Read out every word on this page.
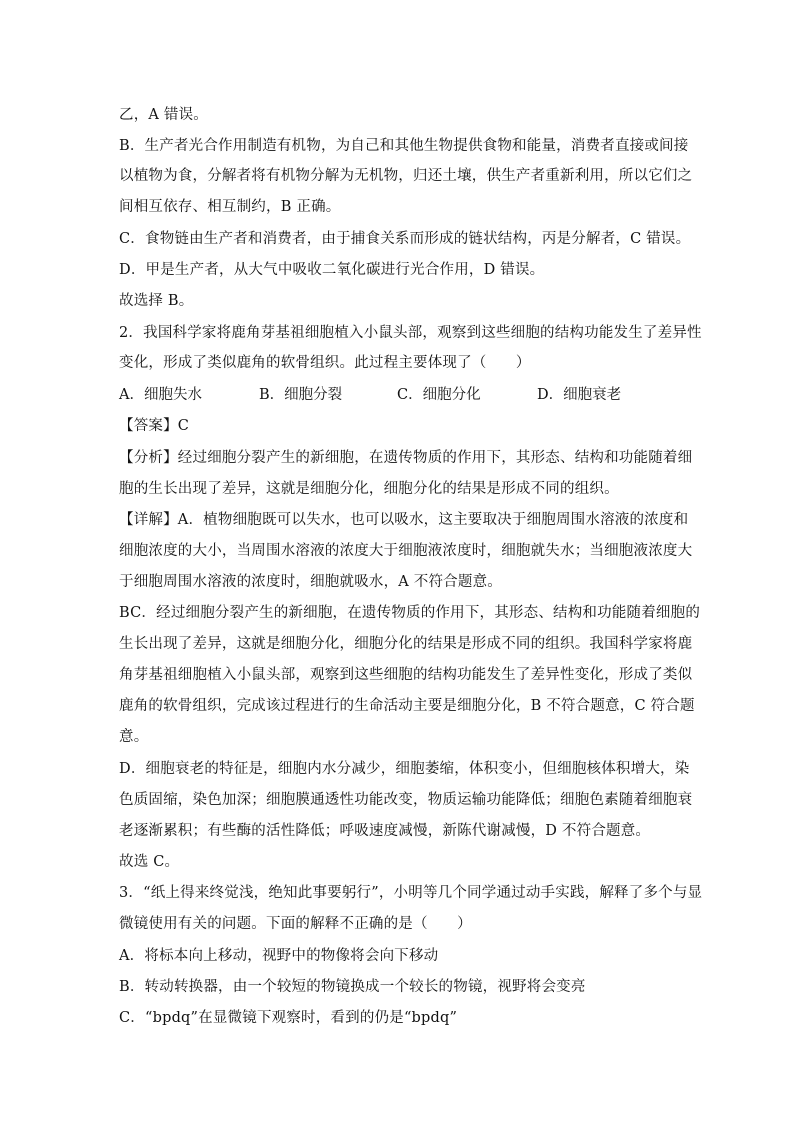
乙，A 错误。
B．生产者光合作用制造有机物，为自己和其他生物提供食物和能量，消费者直接或间接
以植物为食，分解者将有机物分解为无机物，归还土壤，供生产者重新利用，所以它们之
间相互依存、相互制约，B 正确。
C．食物链由生产者和消费者，由于捕食关系而形成的链状结构，丙是分解者，C 错误。
D．甲是生产者，从大气中吸收二氧化碳进行光合作用，D 错误。
故选择 B。
2．我国科学家将鹿角芽基祖细胞植入小鼠头部，观察到这些细胞的结构功能发生了差异性
变化，形成了类似鹿角的软骨组织。此过程主要体现了（　　）
A．细胞失水	B．细胞分裂	C．细胞分化	D．细胞衰老
【答案】C
【分析】经过细胞分裂产生的新细胞，在遗传物质的作用下，其形态、结构和功能随着细
胞的生长出现了差异，这就是细胞分化，细胞分化的结果是形成不同的组织。
【详解】A．植物细胞既可以失水，也可以吸水，这主要取决于细胞周围水溶液的浓度和
细胞浓度的大小，当周围水溶液的浓度大于细胞液浓度时，细胞就失水；当细胞液浓度大
于细胞周围水溶液的浓度时，细胞就吸水，A 不符合题意。
BC．经过细胞分裂产生的新细胞，在遗传物质的作用下，其形态、结构和功能随着细胞的
生长出现了差异，这就是细胞分化，细胞分化的结果是形成不同的组织。我国科学家将鹿
角芽基祖细胞植入小鼠头部，观察到这些细胞的结构功能发生了差异性变化，形成了类似
鹿角的软骨组织，完成该过程进行的生命活动主要是细胞分化，B 不符合题意，C 符合题
意。
D．细胞衰老的特征是，细胞内水分减少，细胞萎缩，体积变小，但细胞核体积增大，染
色质固缩，染色加深；细胞膜通透性功能改变，物质运输功能降低；细胞色素随着细胞衰
老逐渐累积；有些酶的活性降低；呼吸速度减慢，新陈代谢减慢，D 不符合题意。
故选 C。
3．“纸上得来终觉浅，绝知此事要躬行”，小明等几个同学通过动手实践，解释了多个与显
微镜使用有关的问题。下面的解释不正确的是（　　）
A．将标本向上移动，视野中的物像将会向下移动
B．转动转换器，由一个较短的物镜换成一个较长的物镜，视野将会变亮
C．“bpdq”在显微镜下观察时，看到的仍是“bpdq”
